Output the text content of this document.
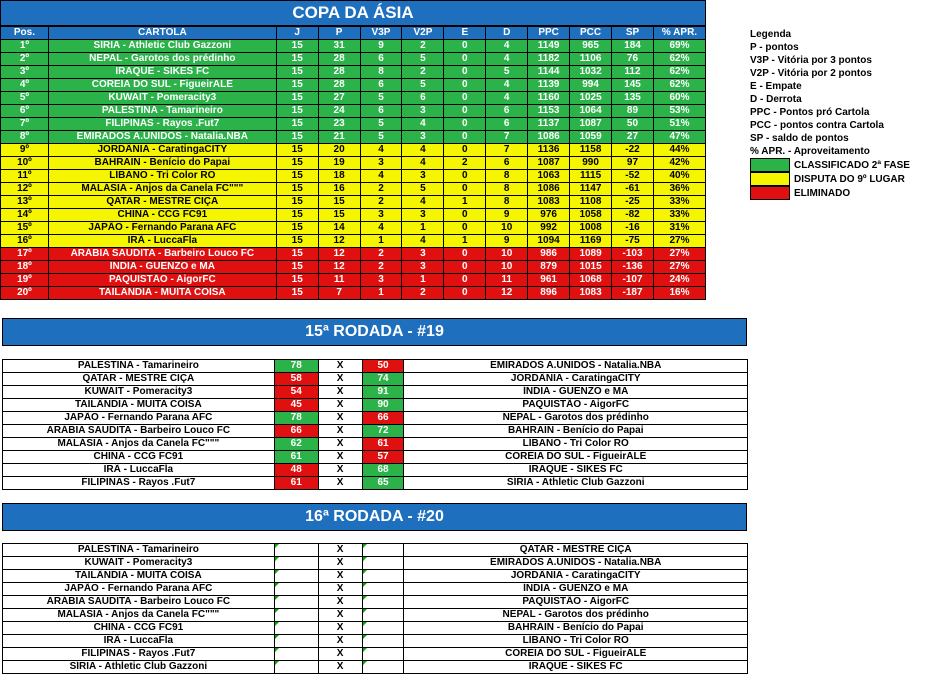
COPA DA ÁSIA
Pos.	CARTOLA	J	P	V3P	V2P	E	D	PPC	PCC	SP	% APR.
1º	SÍRIA - Athletic Club Gazzoni	15	31	9	2	0	4	1149	965	184	69%
2º	NEPAL - Garotos dos prédinho	15	28	6	5	0	4	1182	1106	76	62%
3º	IRAQUE - SIKES FC	15	28	8	2	0	5	1144	1032	112	62%
4º	COREIA DO SUL - FigueirALE	15	28	6	5	0	4	1139	994	145	62%
5º	KUWAIT - Pomeracity3	15	27	5	6	0	4	1160	1025	135	60%
6º	PALESTINA - Tamarineiro	15	24	6	3	0	6	1153	1064	89	53%
7º	FILIPINAS - Rayos .Fut7	15	23	5	4	0	6	1137	1087	50	51%
8º	EMIRADOS A.UNIDOS - Natalia.NBA	15	21	5	3	0	7	1086	1059	27	47%
9º	JORDÂNIA - CaratingaCITY	15	20	4	4	0	7	1136	1158	-22	44%
10º	BAHRAIN - Benício do Papai	15	19	3	4	2	6	1087	990	97	42%
11º	LÍBANO - Tri Color RO	15	18	4	3	0	8	1063	1115	-52	40%
12º	MALÁSIA - Anjos da Canela FC"""	15	16	2	5	0	8	1086	1147	-61	36%
13º	QATAR - MESTRE CIÇA	15	15	2	4	1	8	1083	1108	-25	33%
14º	CHINA - CCG FC91	15	15	3	3	0	9	976	1058	-82	33%
15º	JAPÃO - Fernando Parana AFC	15	14	4	1	0	10	992	1008	-16	31%
16º	IRÃ - LuccaFla	15	12	1	4	1	9	1094	1169	-75	27%
17º	ARÁBIA SAUDITA - Barbeiro Louco FC	15	12	2	3	0	10	986	1089	-103	27%
18º	ÍNDIA - GUENZO e MA	15	12	2	3	0	10	879	1015	-136	27%
19º	PAQUISTÃO - AigorFC	15	11	3	1	0	11	961	1068	-107	24%
20º	TAILÂNDIA - MUITA COISA	15	7	1	2	0	12	896	1083	-187	16%
Legenda
P - pontos
V3P - Vitória por 3 pontos
V2P - Vitória por 2 pontos
E - Empate
D - Derrota
PPC - Pontos pró Cartola
PCC - pontos contra Cartola
SP - saldo de pontos
% APR. - Aproveitamento
CLASSIFICADO 2ª FASE
DISPUTA DO 9º LUGAR
ELIMINADO
15ª RODADA - #19
PALESTINA - Tamarineiro	78	X	50	EMIRADOS A.UNIDOS - Natalia.NBA
QATAR - MESTRE CIÇA	58	X	74	JORDÂNIA - CaratingaCITY
KUWAIT - Pomeracity3	54	X	91	ÍNDIA - GUENZO e MA
TAILÂNDIA - MUITA COISA	45	X	90	PAQUISTÃO - AigorFC
JAPÃO - Fernando Parana AFC	78	X	66	NEPAL - Garotos dos prédinho
ARÁBIA SAUDITA - Barbeiro Louco FC	66	X	72	BAHRAIN - Benício do Papai
MALÁSIA - Anjos da Canela FC"""	62	X	61	LÍBANO - Tri Color RO
CHINA - CCG FC91	61	X	57	COREIA DO SUL - FigueirALE
IRÃ - LuccaFla	48	X	68	IRAQUE - SIKES FC
FILIPINAS - Rayos .Fut7	61	X	65	SÍRIA - Athletic Club Gazzoni
16ª RODADA - #20
PALESTINA - Tamarineiro		X		QATAR - MESTRE CIÇA
KUWAIT - Pomeracity3		X		EMIRADOS A.UNIDOS - Natalia.NBA
TAILÂNDIA - MUITA COISA		X		JORDÂNIA - CaratingaCITY
JAPÃO - Fernando Parana AFC		X		ÍNDIA - GUENZO e MA
ARÁBIA SAUDITA - Barbeiro Louco FC		X		PAQUISTÃO - AigorFC
MALÁSIA - Anjos da Canela FC"""		X		NEPAL - Garotos dos prédinho
CHINA - CCG FC91		X		BAHRAIN - Benício do Papai
IRÃ - LuccaFla		X		LÍBANO - Tri Color RO
FILIPINAS - Rayos .Fut7		X		COREIA DO SUL - FigueirALE
SÍRIA - Athletic Club Gazzoni		X		IRAQUE - SIKES FC
